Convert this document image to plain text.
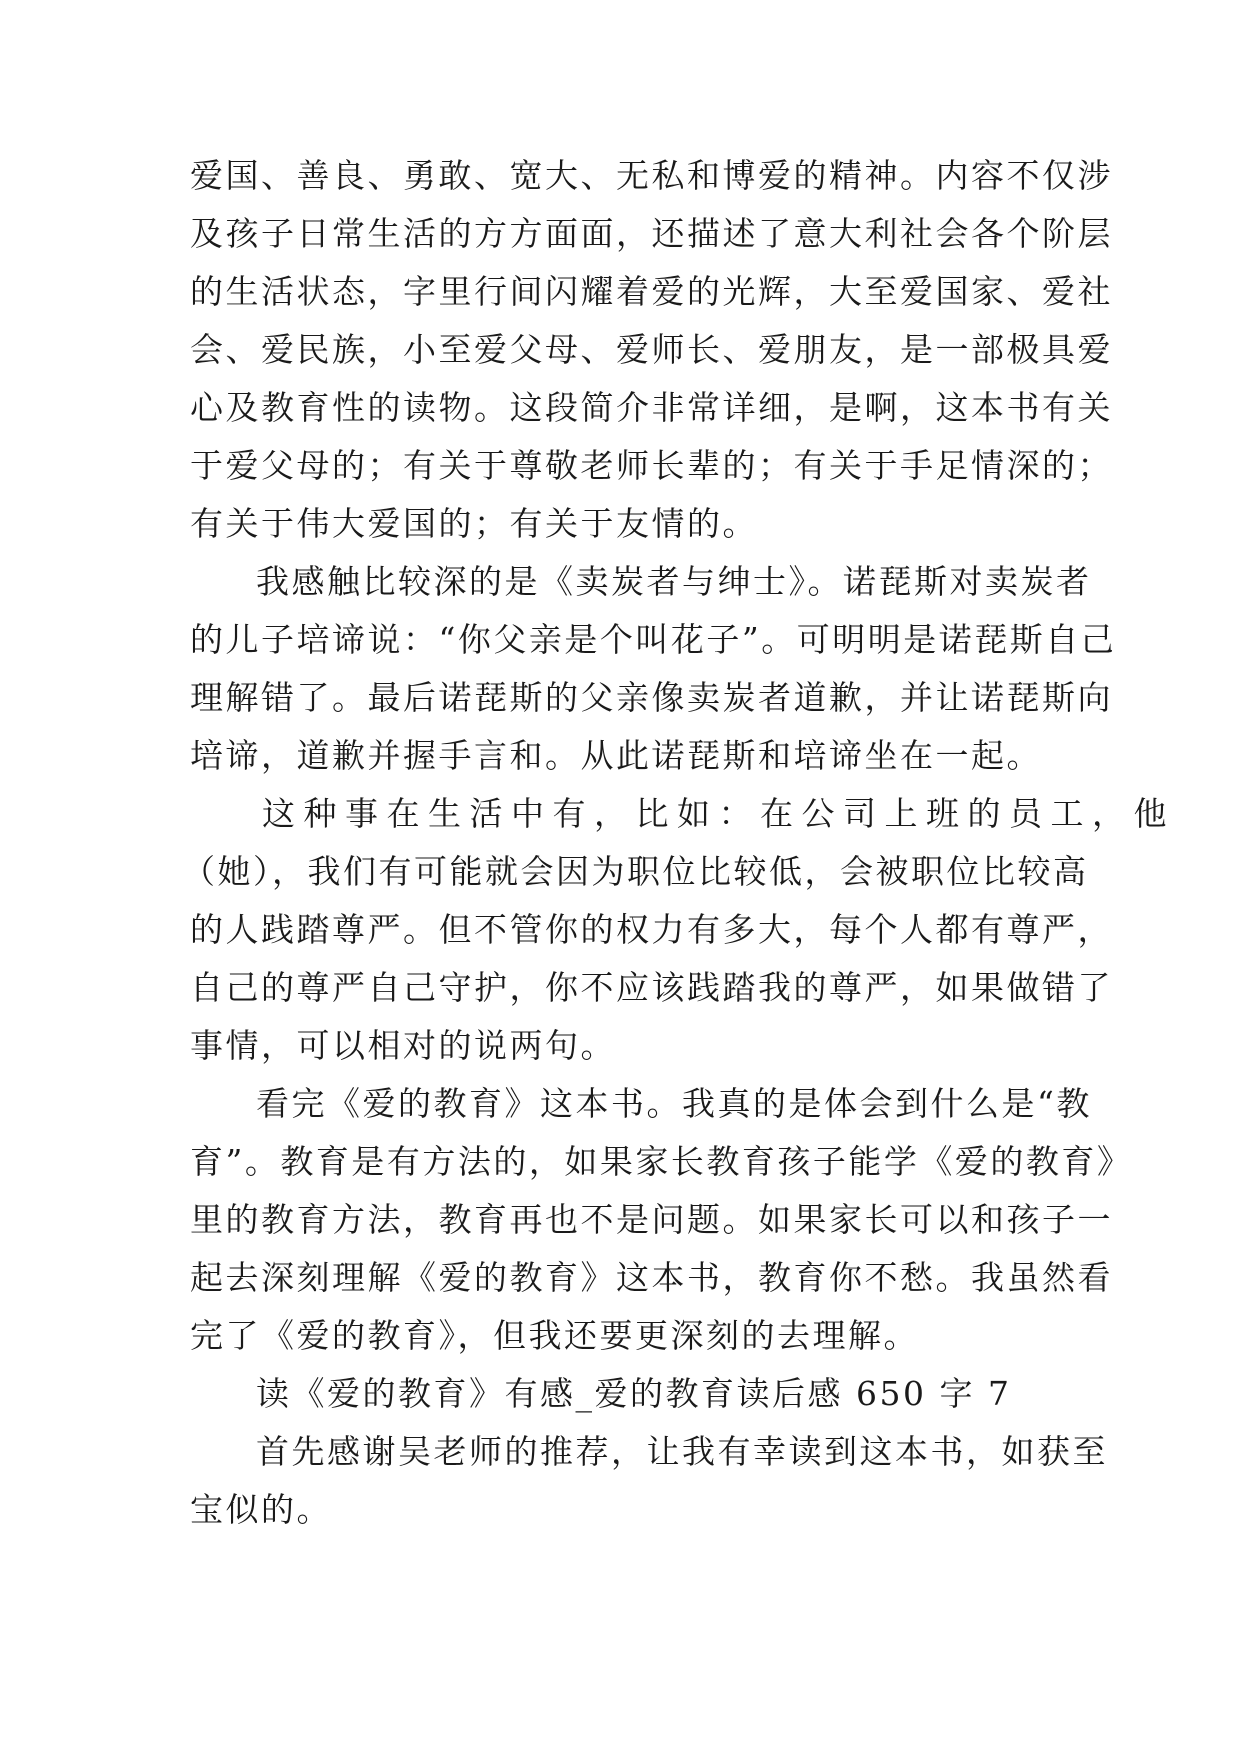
爱国、善良、勇敢、宽大、无私和博爱的精神。内容不仅涉
及孩子日常生活的方方面面，还描述了意大利社会各个阶层
的生活状态，字里行间闪耀着爱的光辉，大至爱国家、爱社
会、爱民族，小至爱父母、爱师长、爱朋友，是一部极具爱
心及教育性的读物。这段简介非常详细，是啊，这本书有关
于爱父母的；有关于尊敬老师长辈的；有关于手足情深的；
有关于伟大爱国的；有关于友情的。
我感触比较深的是《卖炭者与绅士》。诺琵斯对卖炭者
的儿子培谛说：“你父亲是个叫花子”。可明明是诺琵斯自己
理解错了。最后诺琵斯的父亲像卖炭者道歉，并让诺琵斯向
培谛，道歉并握手言和。从此诺琵斯和培谛坐在一起。
这种事在生活中有，比如：在公司上班的员工，他
（她），我们有可能就会因为职位比较低，会被职位比较高
的人践踏尊严。但不管你的权力有多大，每个人都有尊严，
自己的尊严自己守护，你不应该践踏我的尊严，如果做错了
事情，可以相对的说两句。
看完《爱的教育》这本书。我真的是体会到什么是“教
育”。教育是有方法的，如果家长教育孩子能学《爱的教育》
里的教育方法，教育再也不是问题。如果家长可以和孩子一
起去深刻理解《爱的教育》这本书，教育你不愁。我虽然看
完了《爱的教育》，但我还要更深刻的去理解。
读《爱的教育》有感_爱的教育读后感 650 字 7
首先感谢吴老师的推荐，让我有幸读到这本书，如获至
宝似的。
